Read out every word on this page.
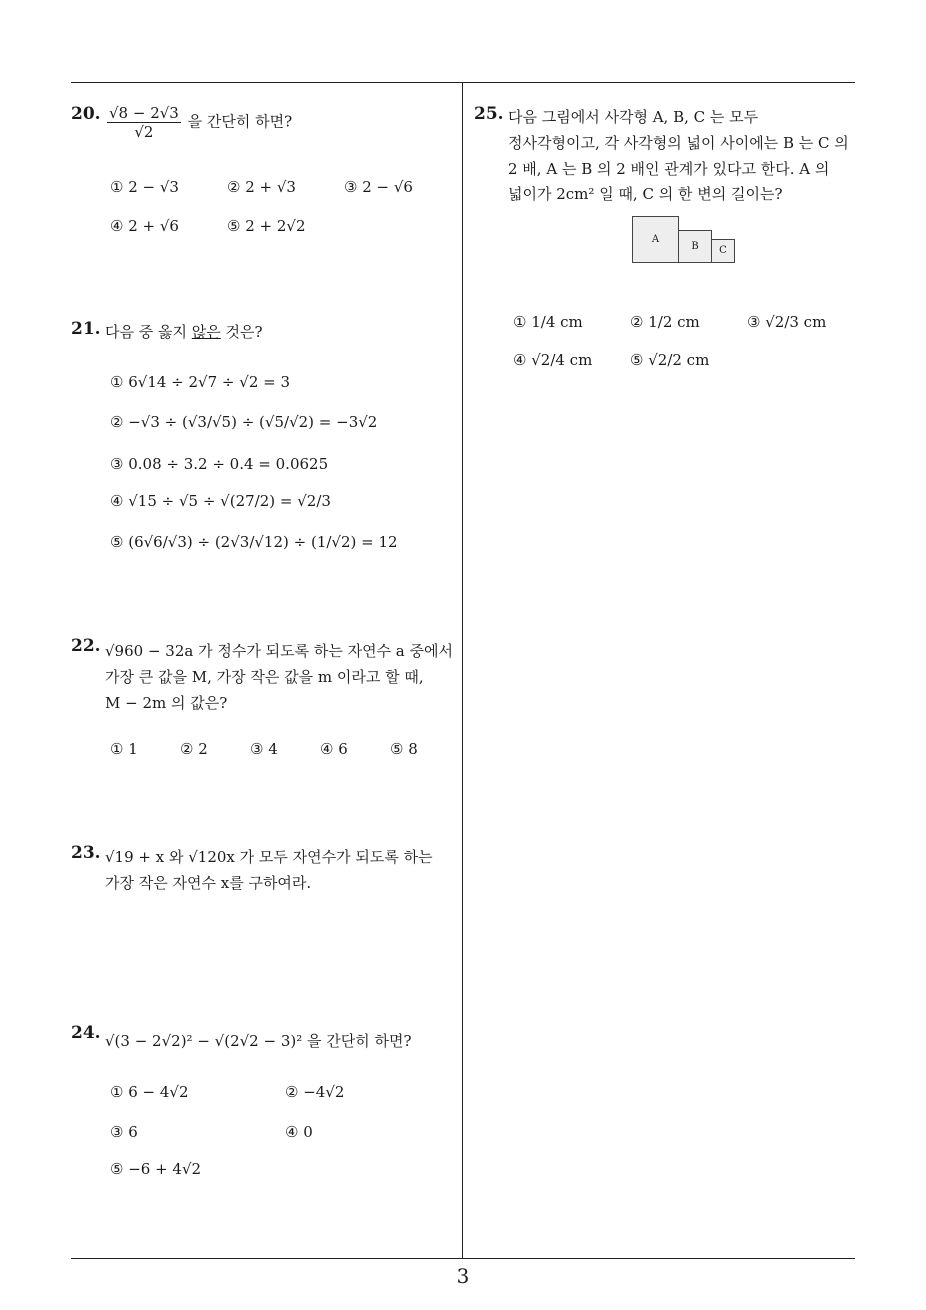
20. $\frac{√8 - 2√3}{√2}$ 을 간단히 하면?
① 2 − √3	② 2 + √3	③ 2 − √6
④ 2 + √6	⑤ 2 + 2√2
21. 다음 중 옳지 않은 것은?
① 6√14 ÷ 2√7 ÷ √2 = 3
② −√3 ÷ (√3/√5) ÷ (√5/√2) = −3√2
③ 0.08 ÷ 3.2 ÷ 0.4 = 0.0625
④ √15 ÷ √5 ÷ √(27/2) = √2/3
⑤ (6√6/√3) ÷ (2√3/√12) ÷ (1/√2) = 12
22. √960 − 32a 가 정수가 되도록 하는 자연수 a 중에서
가장 큰 값을 M, 가장 작은 값을 m 이라고 할 때,
M − 2m 의 값은?
① 1	② 2	③ 4	④ 6	⑤ 8
23. √19 + x 와 √120x 가 모두 자연수가 되도록 하는
가장 작은 자연수 x를 구하여라.
24. √(3 − 2√2)² − √(2√2 − 3)² 을 간단히 하면?
① 6 − 4√2	② −4√2
③ 6	④ 0
⑤ −6 + 4√2
25. 다음 그림에서 사각형 A, B, C 는 모두
정사각형이고, 각 사각형의 넓이 사이에는 B 는 C 의
2 배, A 는 B 의 2 배인 관계가 있다고 한다. A 의
넓이가 2cm² 일 때, C 의 한 변의 길이는?
A
B	C
① 1/4 cm	② 1/2 cm	③ √2/3 cm
④ √2/4 cm	⑤ √2/2 cm
3
